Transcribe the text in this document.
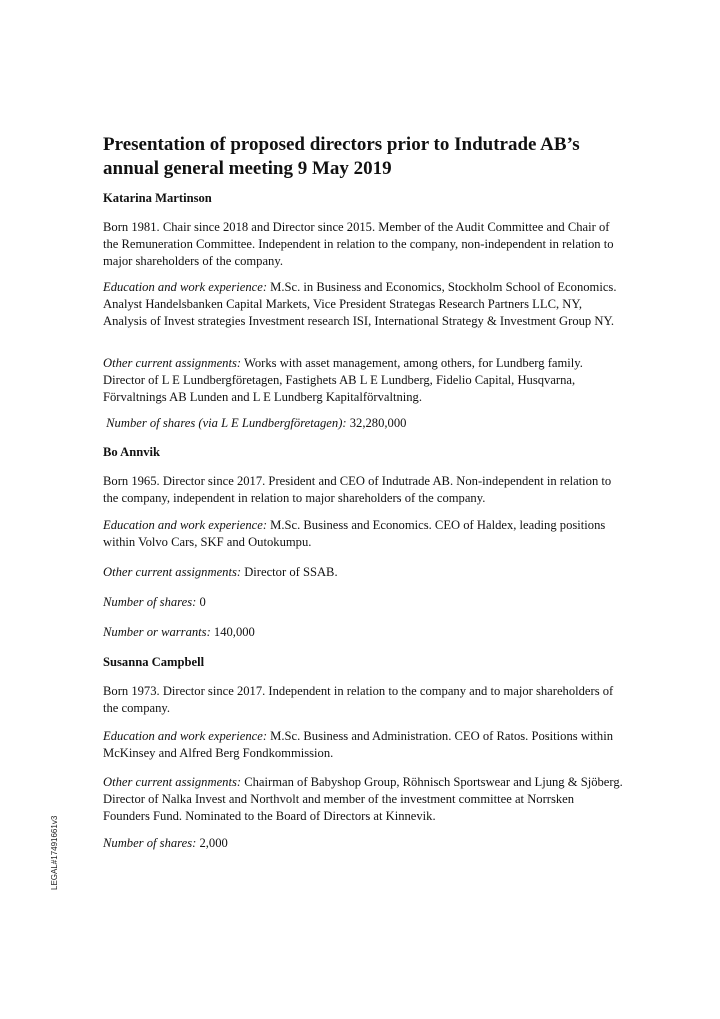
Presentation of proposed directors prior to Indutrade AB’s annual general meeting 9 May 2019

Katarina Martinson

Born 1981. Chair since 2018 and Director since 2015. Member of the Audit Committee and Chair of the Remuneration Committee. Independent in relation to the company, non-independent in relation to major shareholders of the company.

Education and work experience: M.Sc. in Business and Economics, Stockholm School of Economics. Analyst Handelsbanken Capital Markets, Vice President Strategas Research Partners LLC, NY, Analysis of Invest strategies Investment research ISI, International Strategy & Investment Group NY.

Other current assignments: Works with asset management, among others, for Lundberg family. Director of L E Lundbergföretagen, Fastighets AB L E Lundberg, Fidelio Capital, Husqvarna, Förvaltnings AB Lunden and L E Lundberg Kapitalförvaltning.

Number of shares (via L E Lundbergföretagen): 32,280,000

Bo Annvik

Born 1965. Director since 2017. President and CEO of Indutrade AB. Non-independent in relation to the company, independent in relation to major shareholders of the company.

Education and work experience: M.Sc. Business and Economics. CEO of Haldex, leading positions within Volvo Cars, SKF and Outokumpu.

Other current assignments: Director of SSAB.

Number of shares: 0

Number or warrants: 140,000

Susanna Campbell

Born 1973. Director since 2017. Independent in relation to the company and to major shareholders of the company.

Education and work experience: M.Sc. Business and Administration. CEO of Ratos. Positions within McKinsey and Alfred Berg Fondkommission.

Other current assignments: Chairman of Babyshop Group, Röhnisch Sportswear and Ljung & Sjöberg. Director of Nalka Invest and Northvolt and member of the investment committee at Norrsken Founders Fund. Nominated to the Board of Directors at Kinnevik.

Number of shares: 2,000

LEGAL#17491661v3
